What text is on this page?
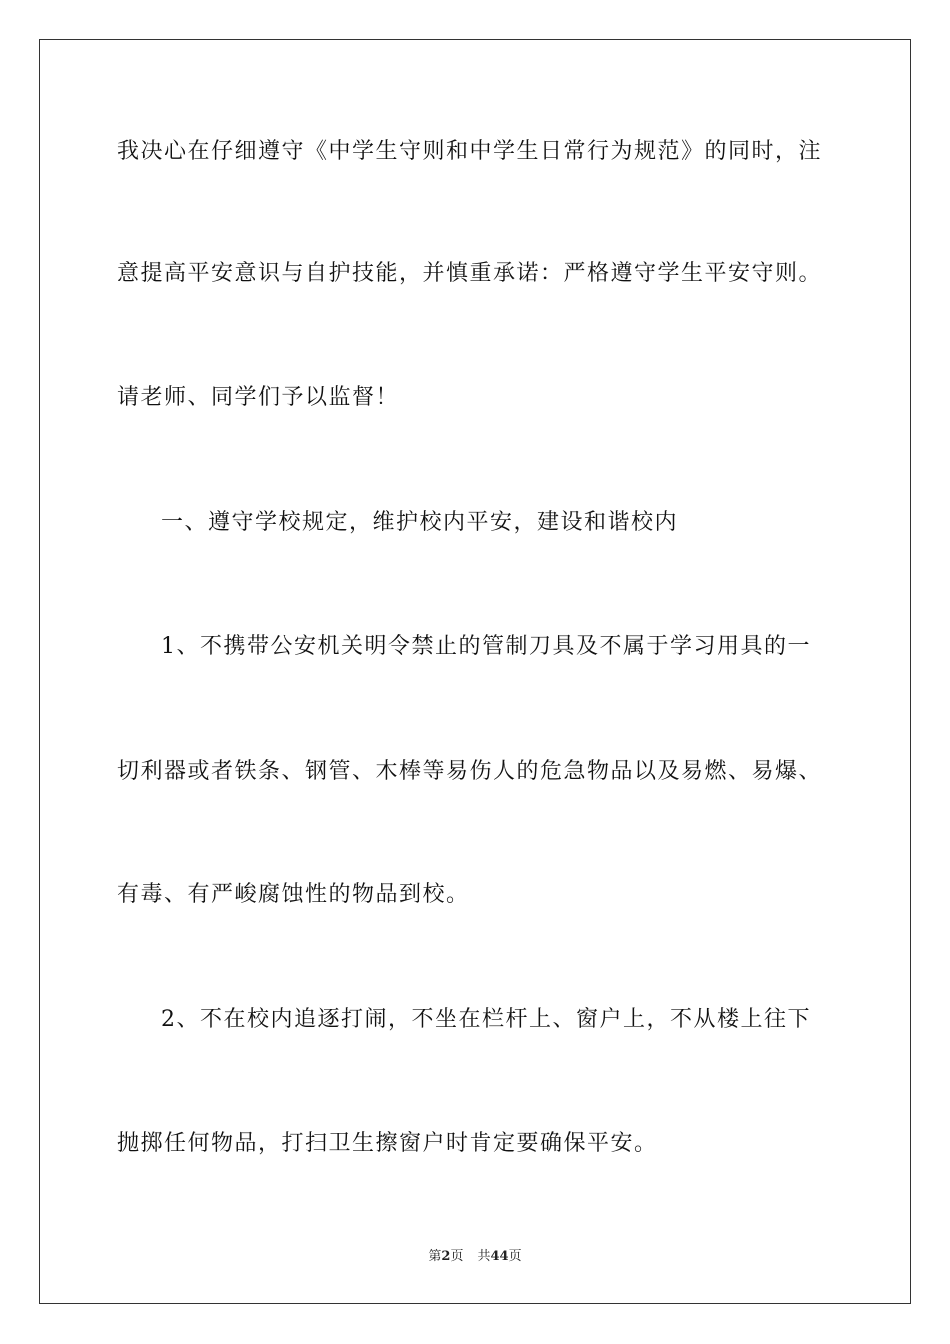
我决心在仔细遵守《中学生守则和中学生日常行为规范》的同时，注
意提高平安意识与自护技能，并慎重承诺：严格遵守学生平安守则。
请老师、同学们予以监督！
一、遵守学校规定，维护校内平安，建设和谐校内
1、不携带公安机关明令禁止的管制刀具及不属于学习用具的一
切利器或者铁条、钢管、木棒等易伤人的危急物品以及易燃、易爆、
有毒、有严峻腐蚀性的物品到校。
2、不在校内追逐打闹，不坐在栏杆上、窗户上，不从楼上往下
抛掷任何物品，打扫卫生擦窗户时肯定要确保平安。
第2页 共44页
